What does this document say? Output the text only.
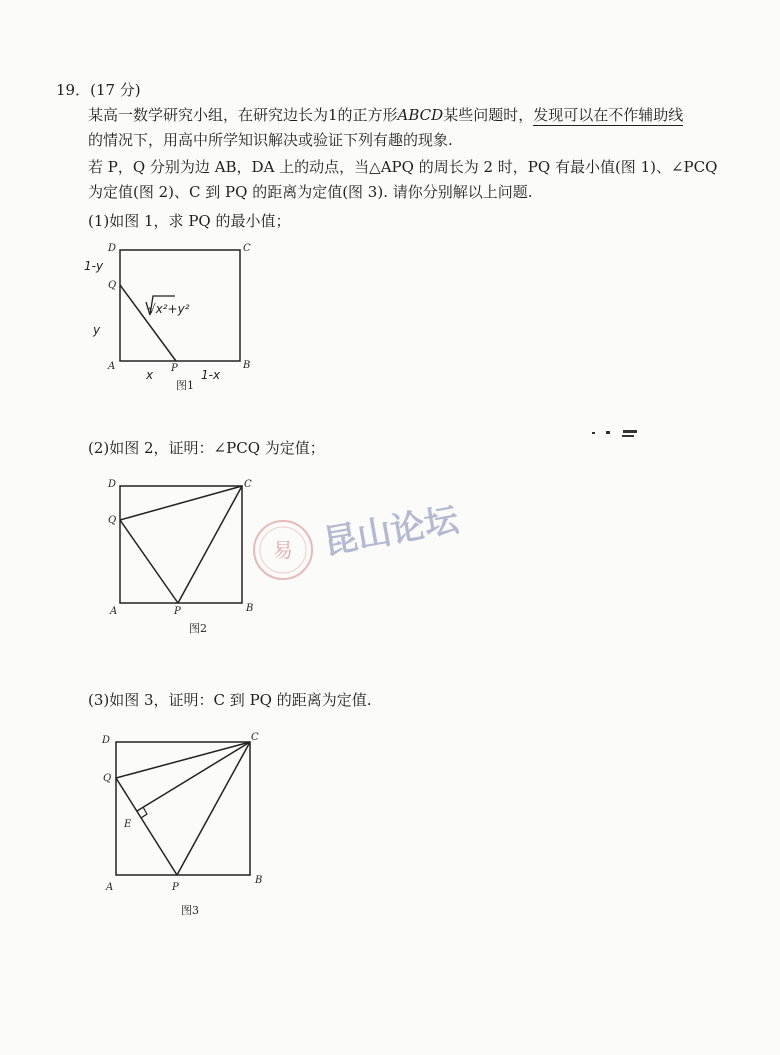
19．(17 分)
某高一数学研究小组，在研究边长为1的正方形ABCD某些问题时，发现可以在不作辅助线
的情况下，用高中所学知识解决或验证下列有趣的现象.
若 P，Q 分别为边 AB，DA 上的动点，当△APQ 的周长为 2 时，PQ 有最小值(图 1)、∠PCQ
为定值(图 2)、C 到 PQ 的距离为定值(图 3). 请你分别解以上问题.
(1)如图 1，求 PQ 的最小值；
(2)如图 2，证明：∠PCQ 为定值；
(3)如图 3，证明：C 到 PQ 的距离为定值.
D	C
Q
A	P	B
1-y
y
x	1-x
√x²+y²
图1
D	C
Q
A	P	B
图2
D	C
Q
E
A	P
B
图3
易 昆山论坛
